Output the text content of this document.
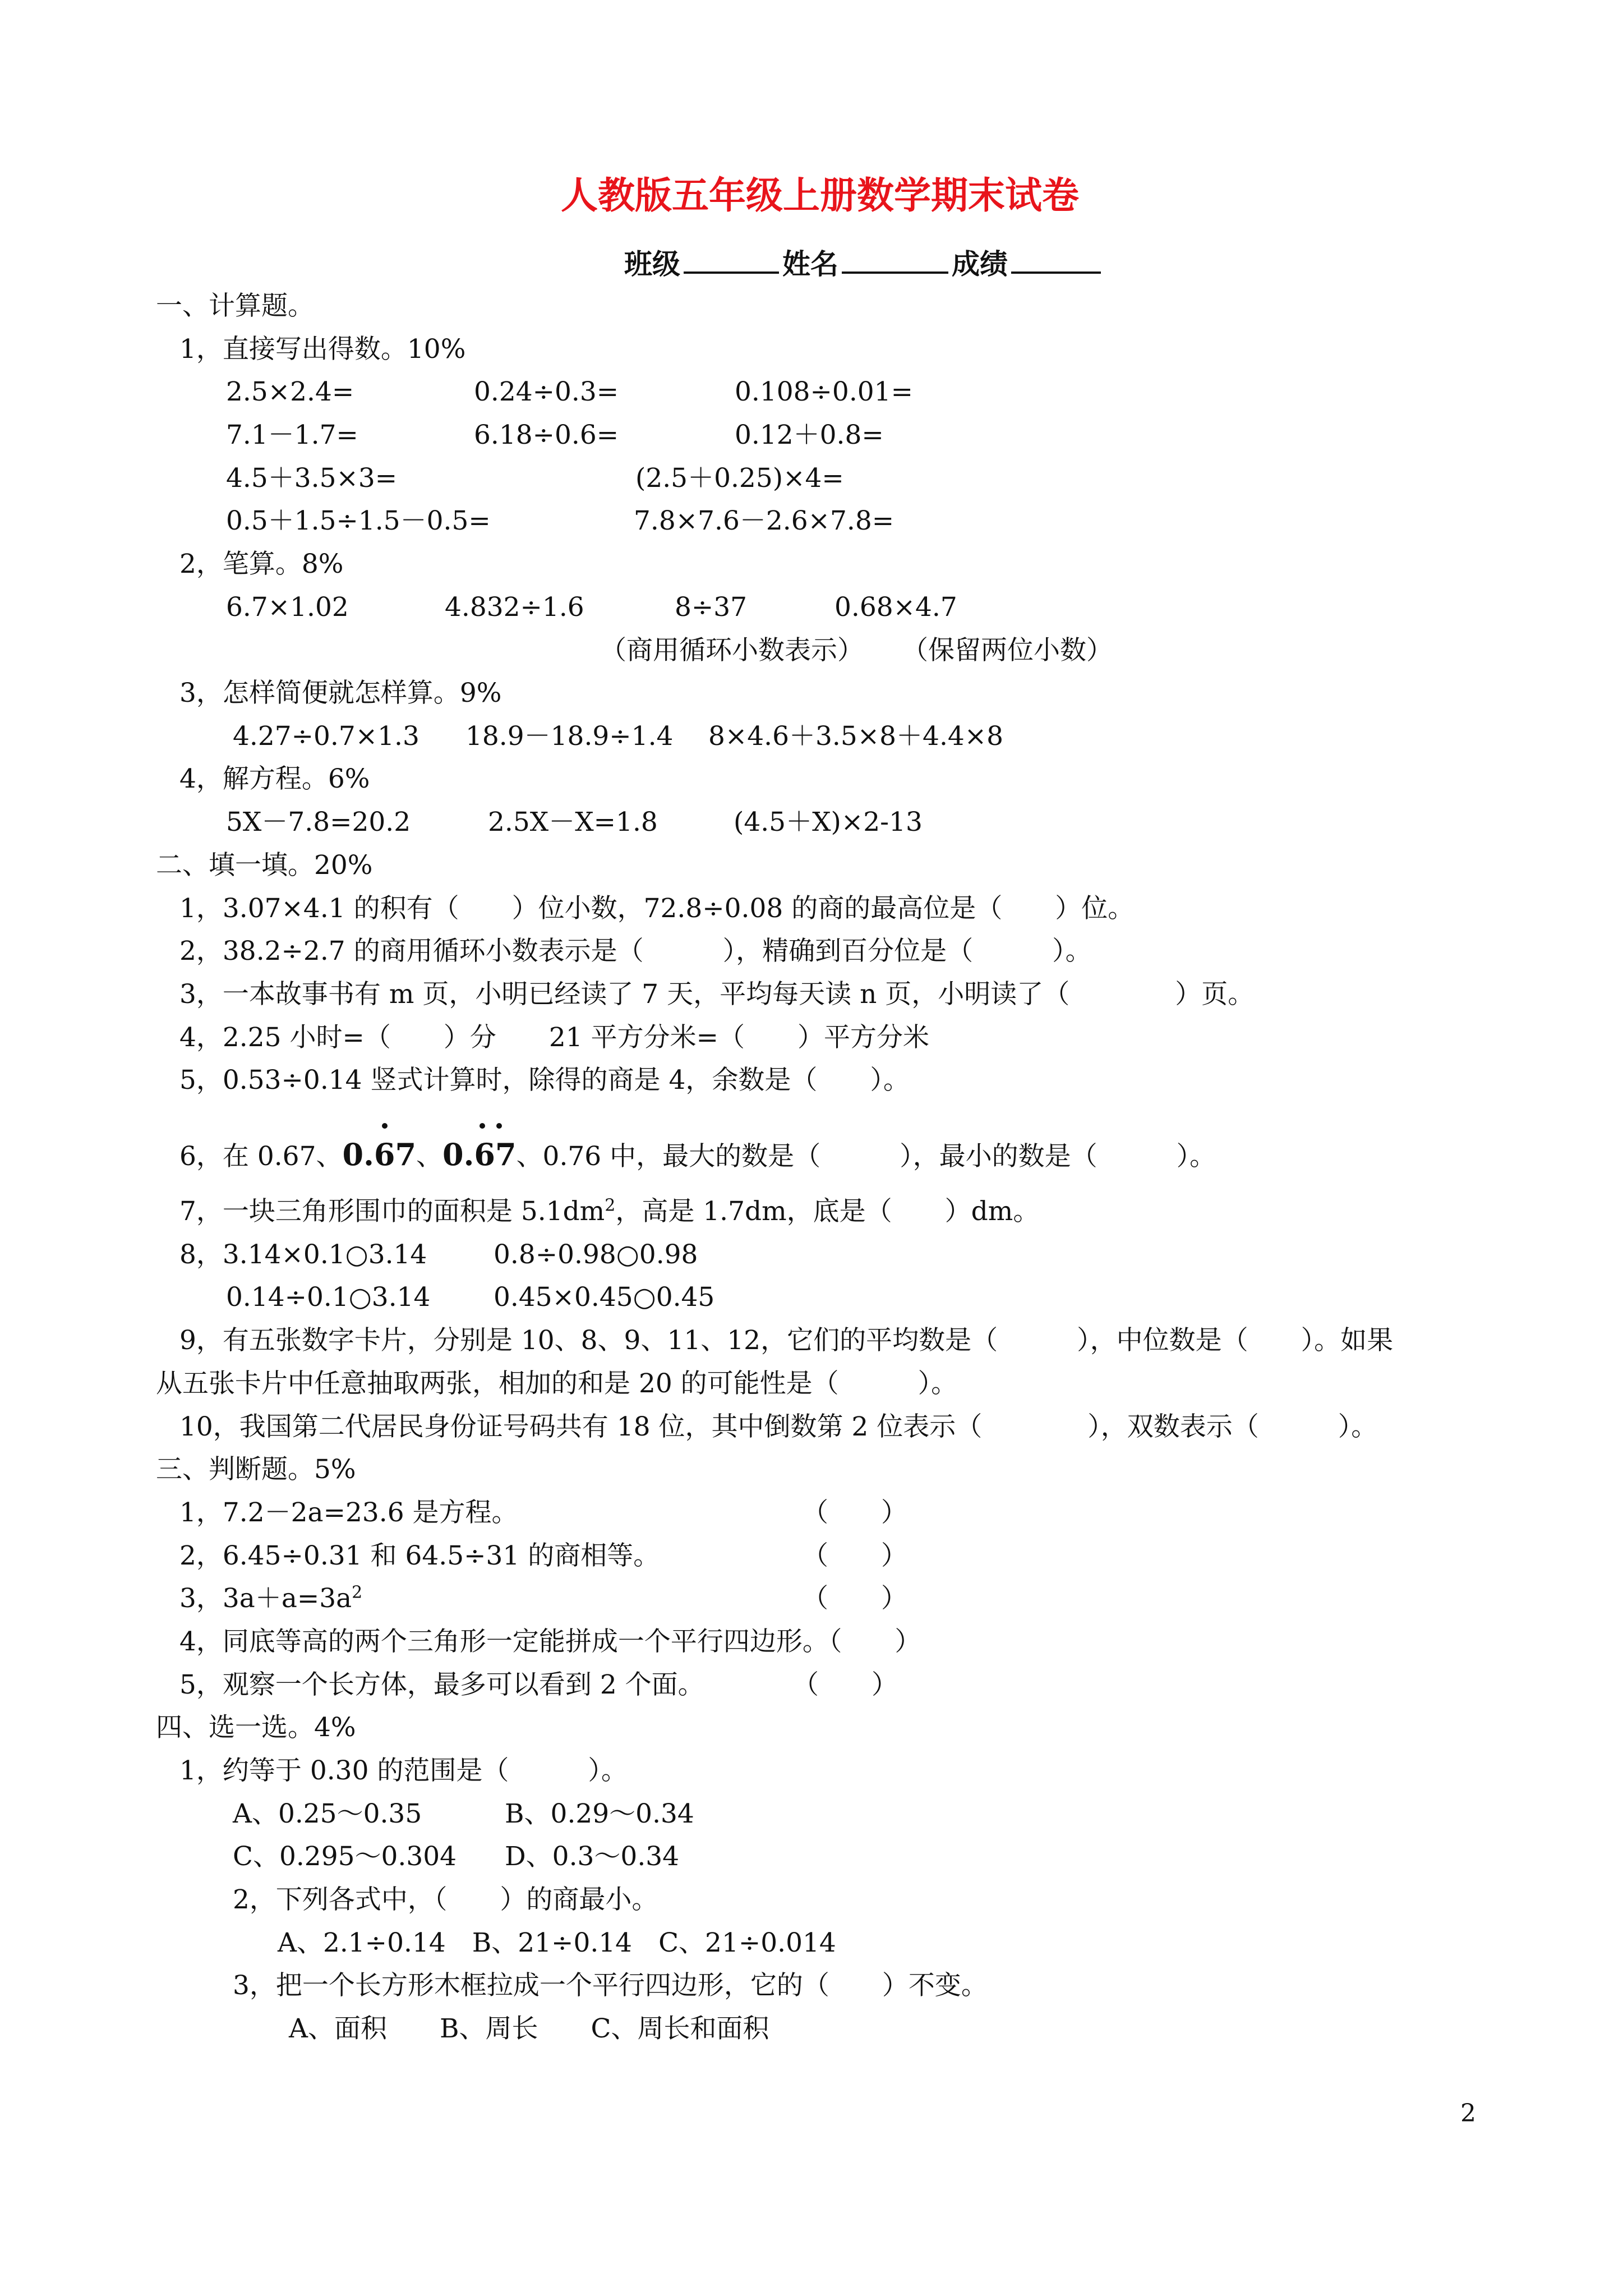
人教版五年级上册数学期末试卷
班级	姓名	成绩
一、计算题。
1，直接写出得数。10%
2.5×2.4=	0.24÷0.3=	0.108÷0.01=
7.1－1.7=	6.18÷0.6=	0.12＋0.8=
4.5＋3.5×3=	(2.5＋0.25)×4=
0.5＋1.5÷1.5－0.5=	7.8×7.6－2.6×7.8=
2，笔算。8%
6.7×1.02	4.832÷1.6	8÷37	0.68×4.7
（商用循环小数表示） （保留两位小数）
3，怎样简便就怎样算。9%
4.27÷0.7×1.3 18.9－18.9÷1.4 8×4.6＋3.5×8＋4.4×8
4，解方程。6%
5X－7.8=20.2	2.5X－X=1.8	(4.5＋X)×2-13
二、填一填。20%
1，3.07×4.1 的积有（　　）位小数，72.8÷0.08 的商的最高位是（　　）位。
2，38.2÷2.7 的商用循环小数表示是（　　　），精确到百分位是（　　　）。
3，一本故事书有 m 页，小明已经读了 7 天，平均每天读 n 页，小明读了（　　　　）页。
4，2.25 小时=（　　）分　　21 平方分米=（　　）平方分米
5，0.53÷0.14 竖式计算时，除得的商是 4，余数是（　　）。
6，在 0.67、0.67
、0.67
、0.76 中，最大的数是（　　　），最小的数是（　　　）。
7，一块三角形围巾的面积是 $5.1dm^2$，高是 1.7dm，底是（　　）dm。
8，3.14×0.1○3.14	0.8÷0.98○0.98
0.14÷0.1○3.14 0.45×0.45○0.45
9，有五张数字卡片，分别是 10、8、9、11、12，它们的平均数是（　　　），中位数是（　　）。如果
从五张卡片中任意抽取两张，相加的和是 20 的可能性是（　　　）。
10，我国第二代居民身份证号码共有 18 位，其中倒数第 2 位表示（　　　　），双数表示（　　　）。
三、判断题。5%
1，7.2－2a=23.6 是方程。	（　　）
2，6.45÷0.31 和 64.5÷31 的商相等。	（　　）
3，$3a+a=3a^2$	（　　）
4，同底等高的两个三角形一定能拼成一个平行四边形。（　　）
5，观察一个长方体，最多可以看到 2 个面。	（　　）
四、选一选。4%
1，约等于 0.30 的范围是（　　　）。
A、0.25～0.35	B、0.29～0.34
C、0.295～0.304 D、0.3～0.34
2，下列各式中，（　　）的商最小。
A、2.1÷0.14　B、21÷0.14　C、21÷0.014
3，把一个长方形木框拉成一个平行四边形，它的（　　）不变。
A、面积　　B、周长　　C、周长和面积
2
